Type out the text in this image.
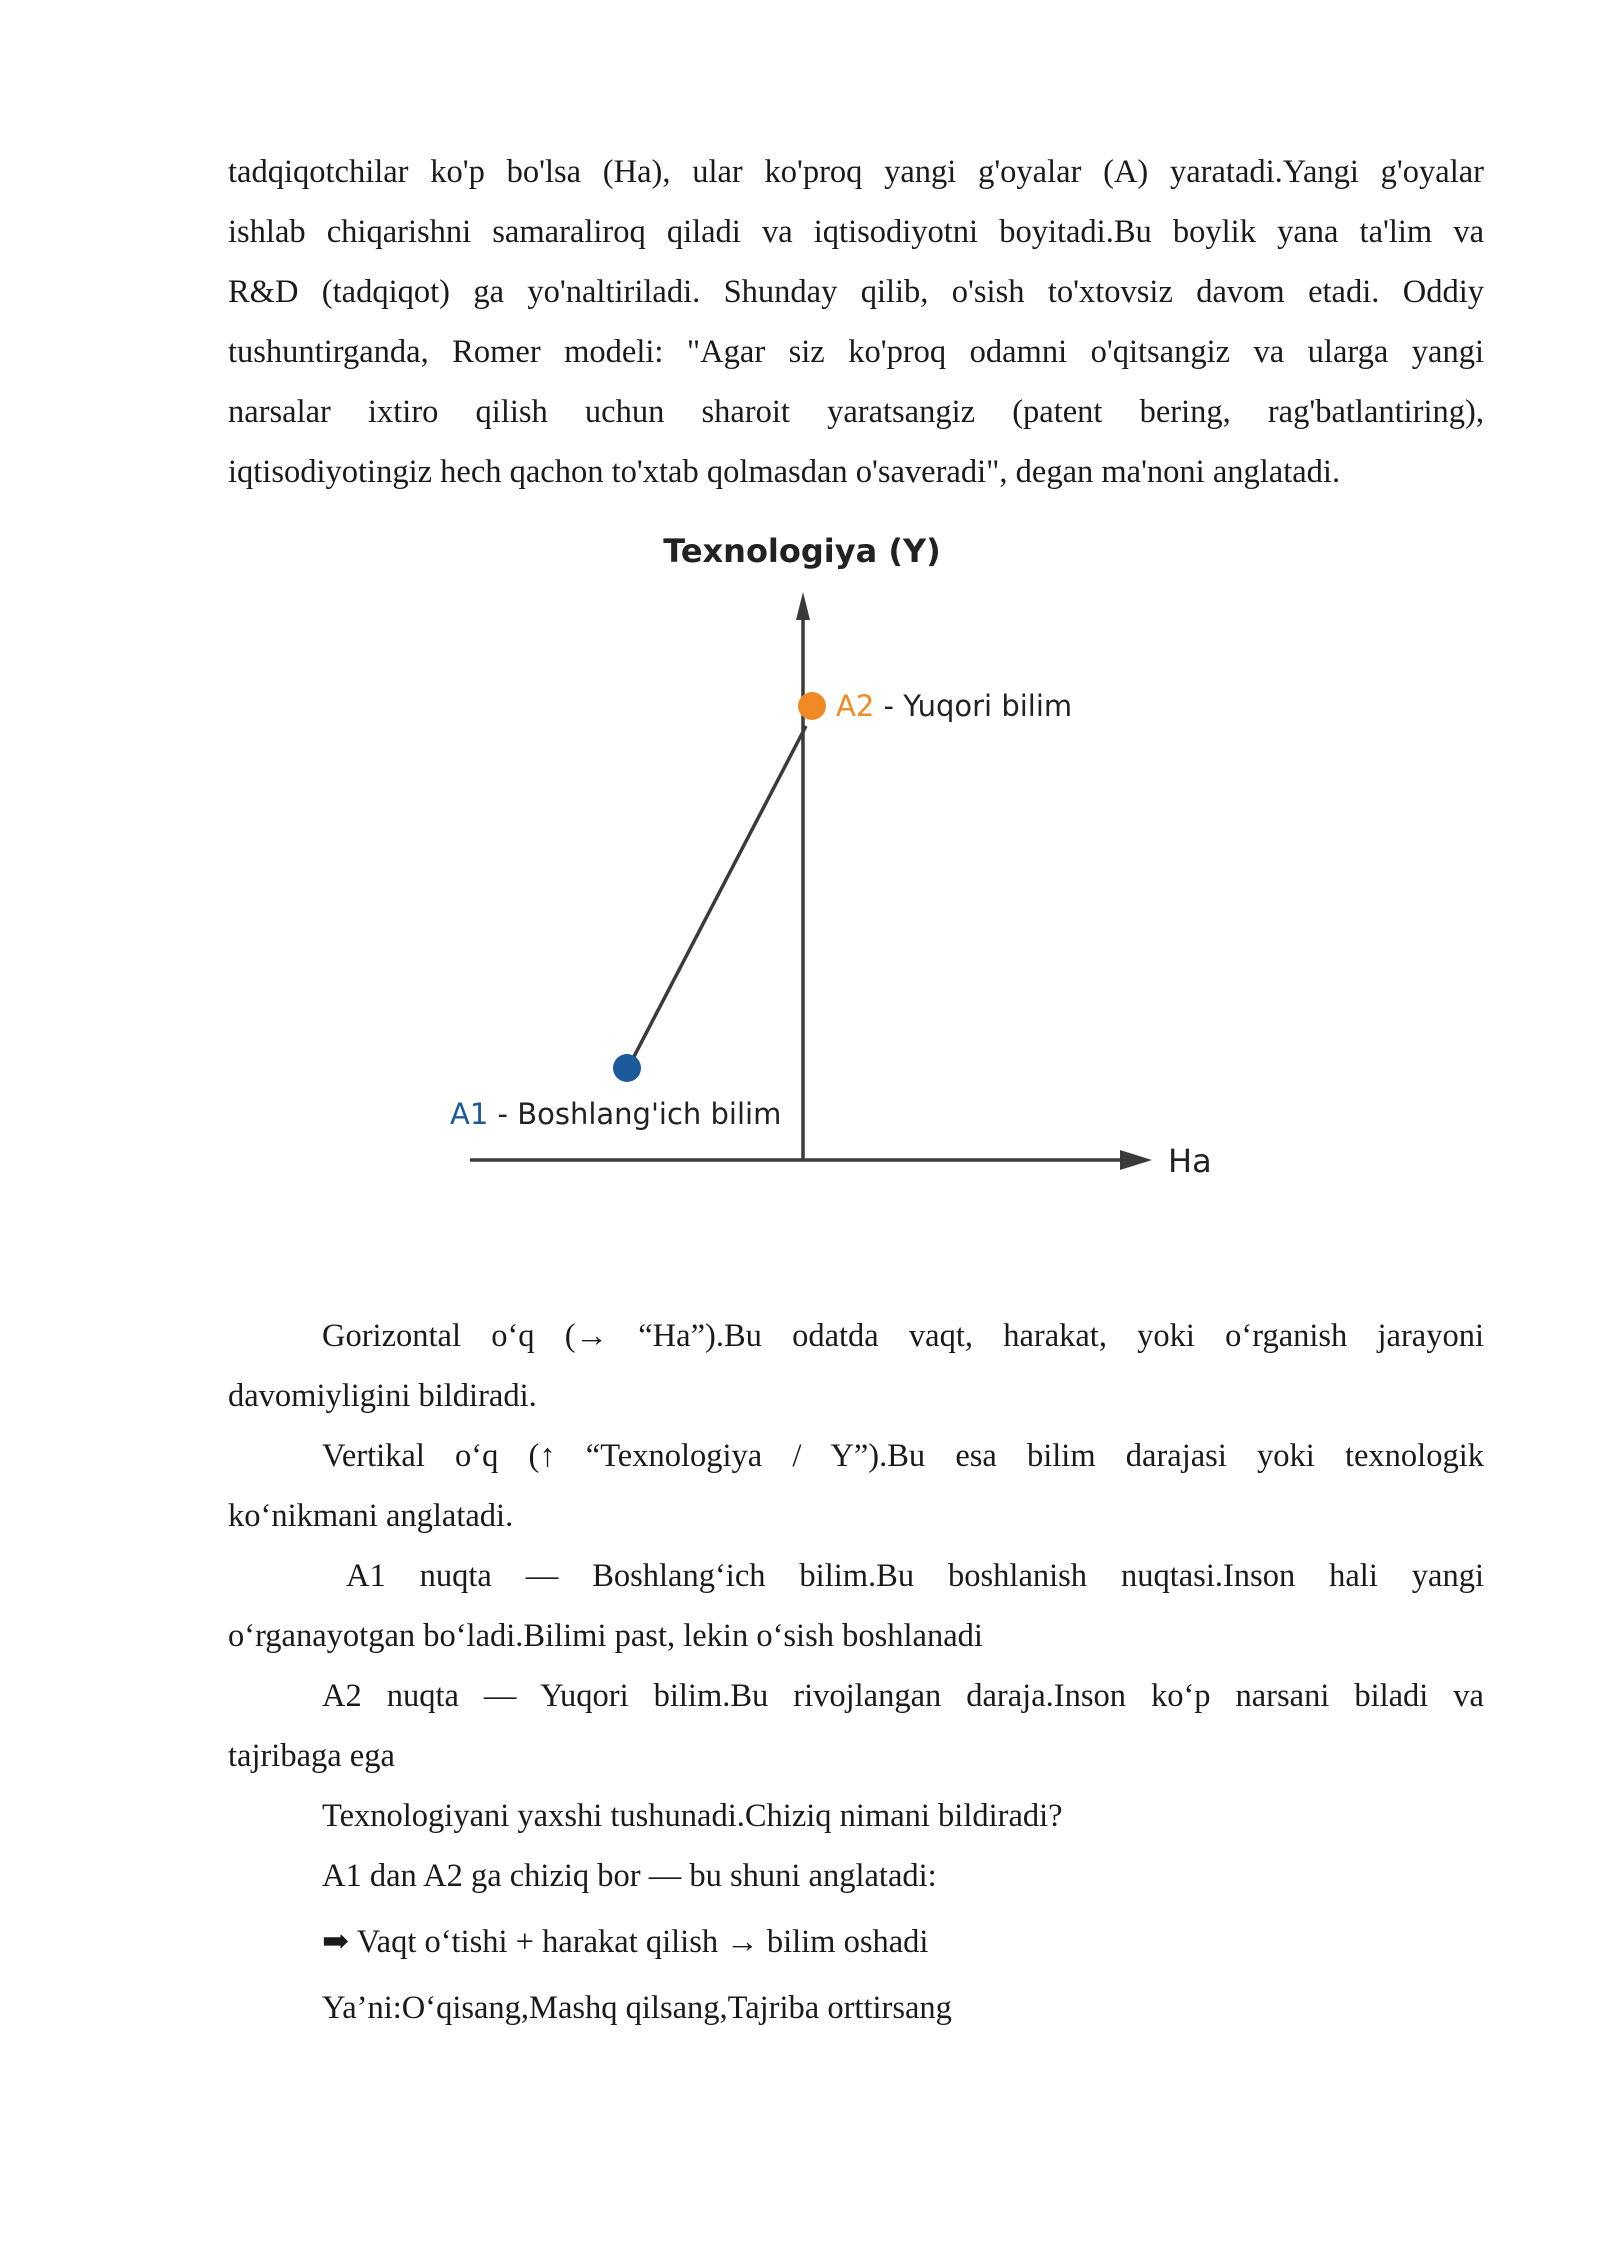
tadqiqotchilar ko'p bo'lsa (Ha), ular ko'proq yangi g'oyalar (A) yaratadi.Yangi g'oyalar
ishlab chiqarishni samaraliroq qiladi va iqtisodiyotni boyitadi.Bu boylik yana ta'lim va
R&D (tadqiqot) ga yo'naltiriladi. Shunday qilib, o'sish to'xtovsiz davom etadi. Oddiy
tushuntirganda, Romer modeli: "Agar siz ko'proq odamni o'qitsangiz va ularga yangi
narsalar ixtiro qilish uchun sharoit yaratsangiz (patent bering, rag'batlantiring),
iqtisodiyotingiz hech qachon to'xtab qolmasdan o'saveradi", degan ma'noni anglatadi.

Texnologiya (Y)
Ha
A1 - Boshlang'ich bilim
A2 - Yuqori bilim

Gorizontal o‘q (→ “Ha”).Bu odatda vaqt, harakat, yoki o‘rganish jarayoni
davomiyligini bildiradi.

Vertikal o‘q (↑ “Texnologiya / Y”).Bu esa bilim darajasi yoki texnologik
ko‘nikmani anglatadi.

A1 nuqta — Boshlang‘ich bilim.Bu boshlanish nuqtasi.Inson hali yangi
o‘rganayotgan bo‘ladi.Bilimi past, lekin o‘sish boshlanadi

A2 nuqta — Yuqori bilim.Bu rivojlangan daraja.Inson ko‘p narsani biladi va
tajribaga ega

Texnologiyani yaxshi tushunadi.Chiziq nimani bildiradi?

A1 dan A2 ga chiziq bor — bu shuni anglatadi:

➡ Vaqt o‘tishi + harakat qilish → bilim oshadi

Ya’ni:O‘qisang,Mashq qilsang,Tajriba orttirsang
